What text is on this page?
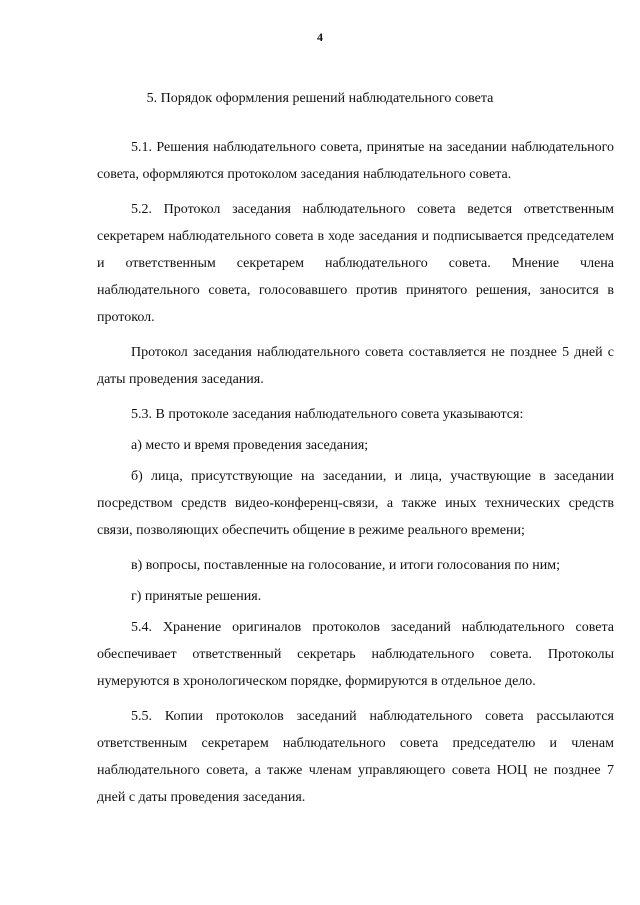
4
5. Порядок оформления решений наблюдательного совета

5.1. Решения наблюдательного совета, принятые на заседании наблюдательного совета, оформляются протоколом заседания наблюдательного совета.

5.2. Протокол заседания наблюдательного совета ведется ответственным секретарем наблюдательного совета в ходе заседания и подписывается председателем и ответственным секретарем наблюдательного совета. Мнение члена наблюдательного совета, голосовавшего против принятого решения, заносится в протокол.

Протокол заседания наблюдательного совета составляется не позднее 5 дней с даты проведения заседания.

5.3. В протоколе заседания наблюдательного совета указываются:

а) место и время проведения заседания;

б) лица, присутствующие на заседании, и лица, участвующие в заседании посредством средств видео-конференц-связи, а также иных технических средств связи, позволяющих обеспечить общение в режиме реального времени;

в) вопросы, поставленные на голосование, и итоги голосования по ним;

г) принятые решения.

5.4. Хранение оригиналов протоколов заседаний наблюдательного совета обеспечивает ответственный секретарь наблюдательного совета. Протоколы нумеруются в хронологическом порядке, формируются в отдельное дело.

5.5. Копии протоколов заседаний наблюдательного совета рассылаются ответственным секретарем наблюдательного совета председателю и членам наблюдательного совета, а также членам управляющего совета НОЦ не позднее 7 дней с даты проведения заседания.
